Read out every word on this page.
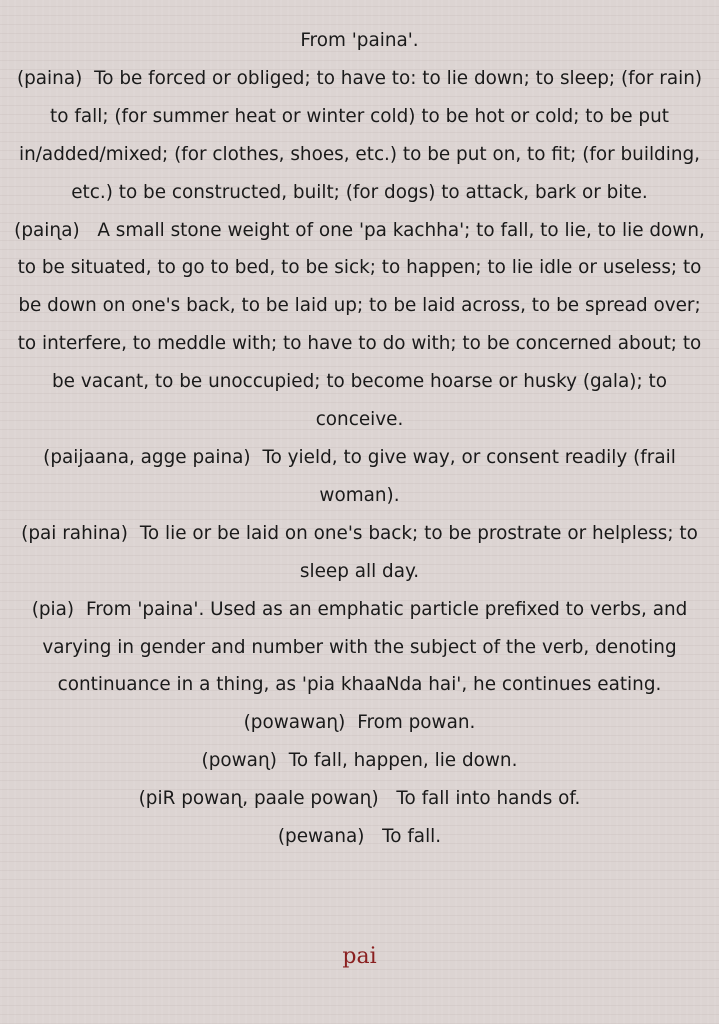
From 'paina'.

(paina) To be forced or obliged; to have to: to lie down; to sleep; (for rain) to fall; (for summer heat or winter cold) to be hot or cold; to be put in/added/mixed; (for clothes, shoes, etc.) to be put on, to fit; (for building, etc.) to be constructed, built; (for dogs) to attack, bark or bite.

(paiɳa) A small stone weight of one 'pa kachha'; to fall, to lie, to lie down, to be situated, to go to bed, to be sick; to happen; to lie idle or useless; to be down on one's back, to be laid up; to be laid across, to be spread over; to interfere, to meddle with; to have to do with; to be concerned about; to be vacant, to be unoccupied; to become hoarse or husky (gala); to conceive.

(paijaana, agge paina) To yield, to give way, or consent readily (frail woman).

(pai rahina) To lie or be laid on one's back; to be prostrate or helpless; to sleep all day.

(pia) From 'paina'. Used as an emphatic particle prefixed to verbs, and varying in gender and number with the subject of the verb, denoting continuance in a thing, as 'pia khaaNda hai', he continues eating.

(powawaɳ) From powan.

(powaɳ) To fall, happen, lie down.

(piR powaɳ, paale powaɳ) To fall into hands of.

(pewana) To fall.

pai
